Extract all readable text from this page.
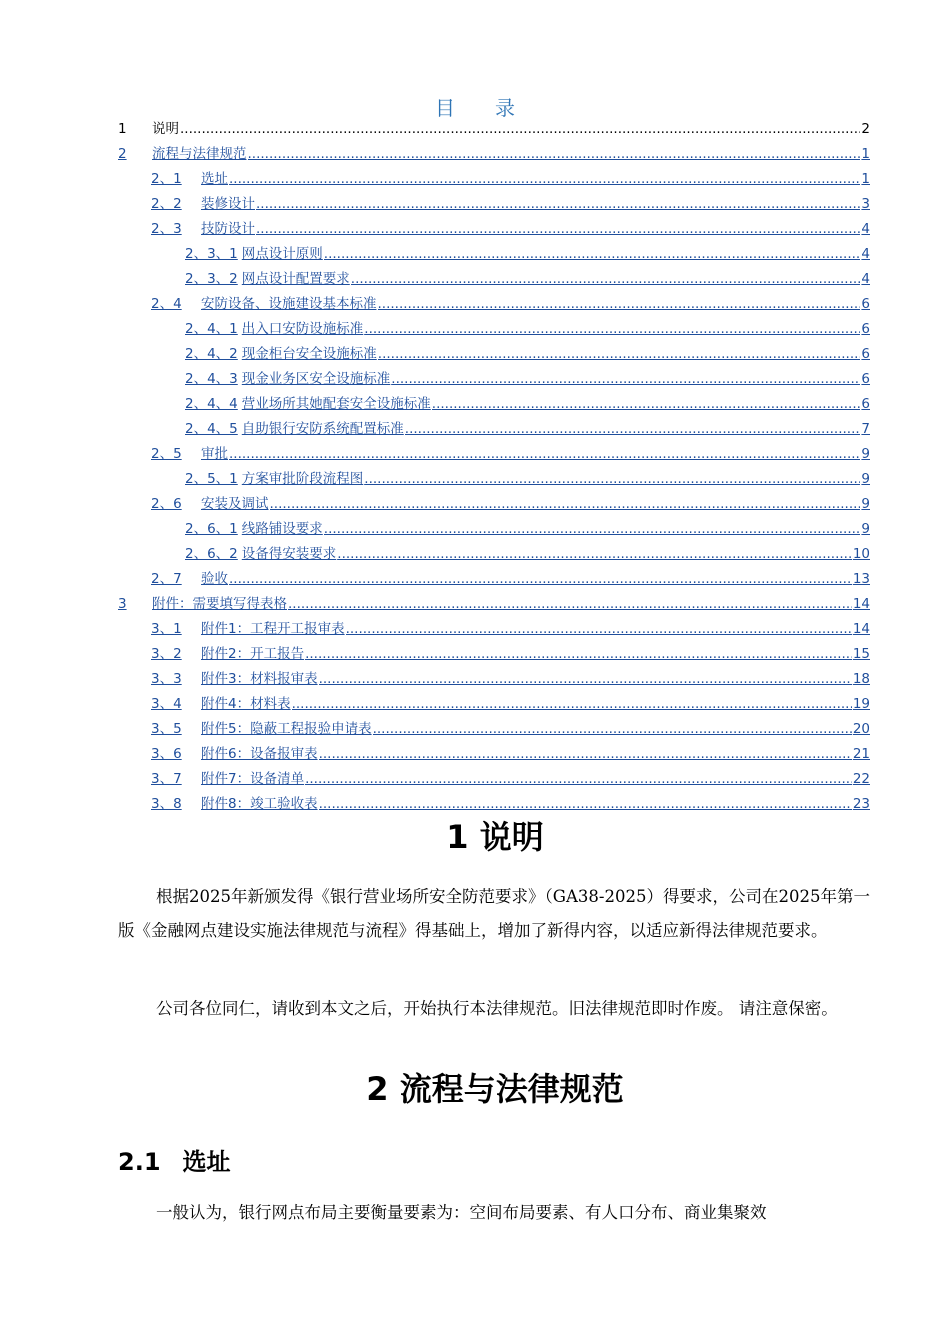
目录
1	说明 .....	2
2	流程与法律规范 .....	1
2、1	选址 .....	1
2、2	装修设计 .....	3
2、3	技防设计 .....	4
2、3、1 网点设计原则 .....	4
2、3、2 网点设计配置要求 .....	4
2、4	安防设备、设施建设基本标准 .....	6
2、4、1 出入口安防设施标准 .....	6
2、4、2 现金柜台安全设施标准 .....	6
2、4、3 现金业务区安全设施标准 .....	6
2、4、4 营业场所其她配套安全设施标准 .....	6
2、4、5 自助银行安防系统配置标准 .....	7
2、5	审批 .....	9
2、5、1 方案审批阶段流程图 .....	9
2、6	安装及调试 .....	9
2、6、1 线路铺设要求 .....	9
2、6、2 设备得安装要求 .....	10
2、7	验收 .....	13
3	附件：需要填写得表格 .....	14
3、1	附件1：工程开工报审表 .....	14
3、2	附件2：开工报告 .....	15
3、3	附件3：材料报审表 .....	18
3、4	附件4：材料表 .....	19
3、5	附件5：隐蔽工程报验申请表 .....	20
3、6	附件6：设备报审表 .....	21
3、7	附件7：设备清单 .....	22
3、8	附件8：竣工验收表 .....	23
1 说明
根据2025年新颁发得《银行营业场所安全防范要求》（GA38-2025）得要求，公司在2025年第一版《金融网点建设实施法律规范与流程》得基础上，增加了新得内容，以适应新得法律规范要求。
公司各位同仁，请收到本文之后，开始执行本法律规范。旧法律规范即时作废。 请注意保密。
2 流程与法律规范
2.1 选址
一般认为，银行网点布局主要衡量要素为：空间布局要素、有人口分布、商业集聚效
